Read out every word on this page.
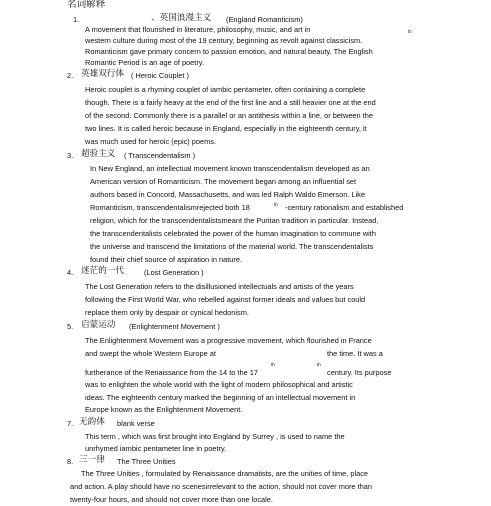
名词解释
1.	、英国浪漫主义 (England Romanticism)
A movement that flourished in literature, philosophy, music, and art in	th
western culture during most of the 19 century, beginning as revolt against classicism.
Romanticism gave primary concern to passion emotion, and natural beauty. The English
Romantic Period is an age of poetry.
2. 英雄双行体 ( Heroic Couplet )
Heroic couplet is a rhyming couplet of iambic pentameter, often containing a complete
though. There is a fairly heavy at the end of the first line and a still heavier one at the end
of the second. Commonly there is a parallel or an antithesis within a line, or between the
two lines. It is called heroic because in England, especially in the eighteenth century, it
was much used for heroic (epic) poems.
3. 超验主义 ( Transcendentalism )
In New England, an intellectual movement known transcendentalism developed as an
American version of Romanticism. The movement began among an influential set
authors based in Concord, Massachusetts, and was led Ralph Waldo Emerson. Like
Romanticism, transcendentalismrejected both 18	th -century rationalism and established
religion, which for the transcendentalistsmeant the Puritan tradition in particular. Instead,
the transcendentalists celebrated the power of the human imagination to commune with
the universe and transcend the limitations of the material world. The transcendentalists
found their chief source of aspiration in nature.
4. 迷茫的一代	(Lost Generation )
The Lost Generation refers to the disillusioned intellectuals and artists of the years
following the First World War, who rebelled against former ideals and values but could
replace them only by despair or cynical hedonism.
5. 启蒙运动 (Enlightenment Movement )
The Enlightenment Movement was a progressive movement, which flourished in France
and swept the whole Western Europe at	the time. It was a
th	th
furtherance of the Renaissance from the 14 to the 17	century. Its purpose
was to enlighten the whole world with the light of modern philosophical and artistic
ideas. The eighteenth century marked the beginning of an intellectual movement in
Europe known as the Enlightenment Movement.
7. 无韵体 blank verse
This term , which was first brought into England by Surrey , is used to name the
unrhymed iambic pentameter line in poetry.
8. 三一律 The Three Unities
The Three Unities , formulated by Renaissance dramatists, are the unities of time, place
and action. A play should have no scenesirrelevant to the action, should not cover more than
twenty-four hours, and should not cover more than one locale.
